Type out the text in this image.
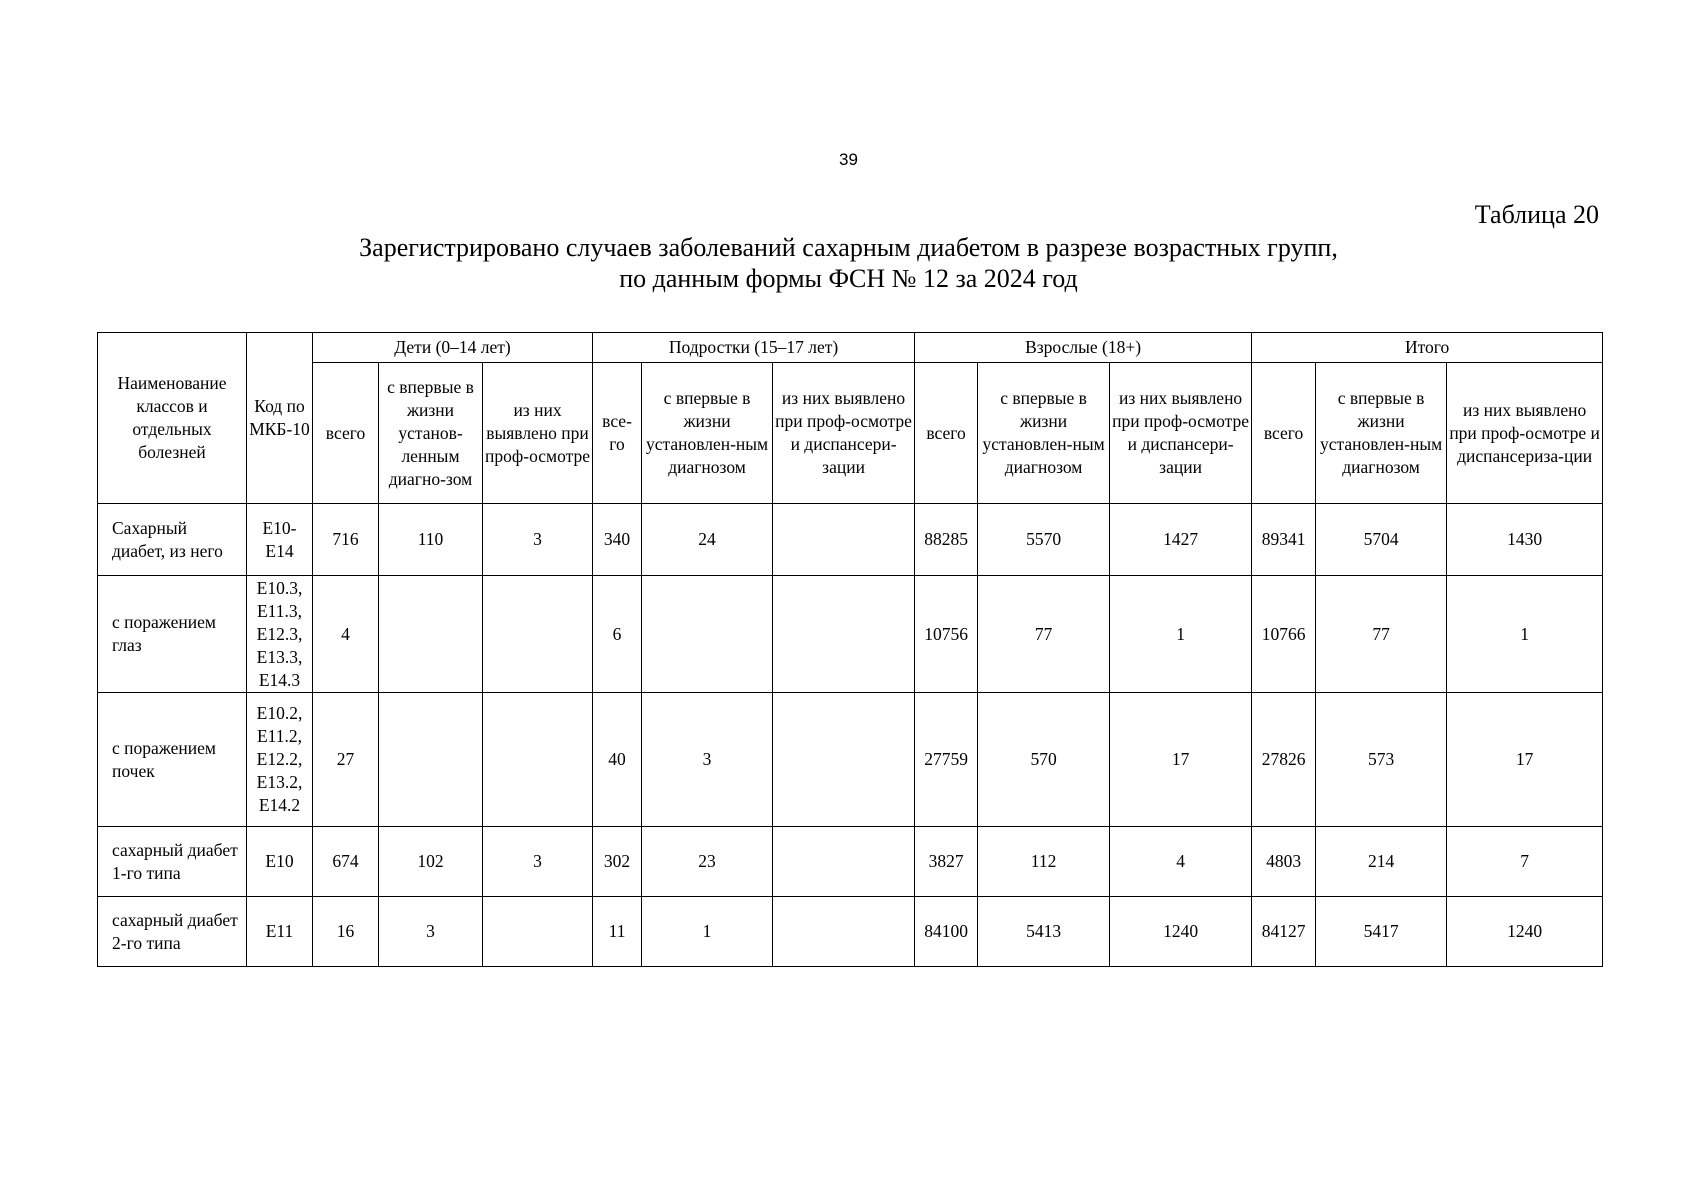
39
Таблица 20
Зарегистрировано случаев заболеваний сахарным диабетом в разрезе возрастных групп,
по данным формы ФСН № 12 за 2024 год
Наименование классов и отдельных болезней	Код по МКБ-10	Дети (0–14 лет)			Подростки (15–17 лет)			Взрослые (18+)			Итого		
		всего	с впервые в жизни установ-ленным диагно-зом	из них выявлено при проф-осмотре	все-го	с впервые в жизни установлен-ным диагнозом	из них выявлено при проф-осмотре и диспансери-зации	всего	с впервые в жизни установлен-ным диагнозом	из них выявлено при проф-осмотре и диспансери-зации	всего	с впервые в жизни установлен-ным диагнозом	из них выявлено при проф-осмотре и диспансериза-ции
Сахарный диабет, из него	E10-E14	716	110	3	340	24		88285	5570	1427	89341	5704	1430
с поражением глаз	E10.3, E11.3, E12.3, E13.3, E14.3	4			6			10756	77	1	10766	77	1
с поражением почек	E10.2, E11.2, E12.2, E13.2, E14.2	27			40	3		27759	570	17	27826	573	17
сахарный диабет 1-го типа	E10	674	102	3	302	23		3827	112	4	4803	214	7
сахарный диабет 2-го типа	E11	16	3		11	1		84100	5413	1240	84127	5417	1240
